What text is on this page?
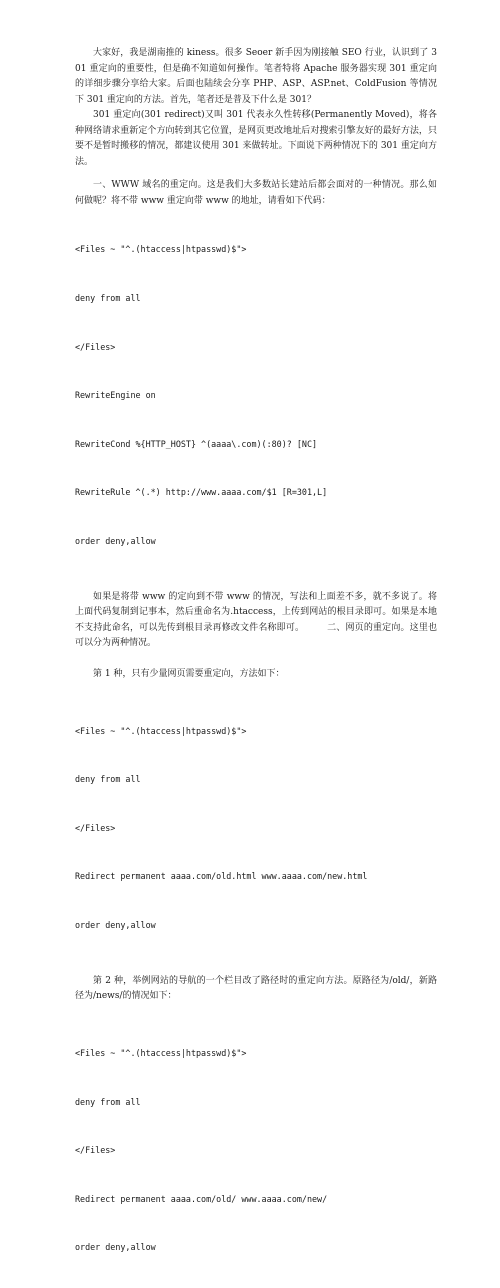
大家好，我是湖南推的 kiness。很多 Seoer 新手因为刚接触 SEO 行业，认识到了 301 重定向的重要性，但是确不知道如何操作。笔者特将 Apache 服务器实现 301 重定向的详细步骤分享给大家。后面也陆续会分享 PHP、ASP、ASP.net、ColdFusion 等情况下 301 重定向的方法。首先，笔者还是普及下什么是 301？

301 重定向(301 redirect)又叫 301 代表永久性转移(Permanently Moved)，将各种网络请求重新定个方向转到其它位置，是网页更改地址后对搜索引擎友好的最好方法，只要不是暂时搬移的情况，都建议使用 301 来做转址。下面说下两种情况下的 301 重定向方法。

一、WWW 域名的重定向。这是我们大多数站长建站后都会面对的一种情况。那么如何做呢？将不带 www 重定向带 www 的地址，请看如下代码：

<Files ~ "^.(htaccess|htpasswd)$">

deny from all

</Files>

RewriteEngine on

RewriteCond %{HTTP_HOST} ^(aaaa\.com)(:80)? [NC]

RewriteRule ^(.*) http://www.aaaa.com/$1 [R=301,L]

order deny,allow

如果是将带 www 的定向到不带 www 的情况，写法和上面差不多，就不多说了。将上面代码复制到记事本，然后重命名为.htaccess，上传到网站的根目录即可。如果是本地不支持此命名，可以先传到根目录再修改文件名称即可。　　　二、网页的重定向。这里也可以分为两种情况。

第 1 种，只有少量网页需要重定向，方法如下：

<Files ~ "^.(htaccess|htpasswd)$">

deny from all

</Files>

Redirect permanent aaaa.com/old.html www.aaaa.com/new.html

order deny,allow

第 2 种，举例网站的导航的一个栏目改了路径时的重定向方法。原路径为/old/，新路径为/news/的情况如下：

<Files ~ "^.(htaccess|htpasswd)$">

deny from all

</Files>

Redirect permanent aaaa.com/old/ www.aaaa.com/new/

order deny,allow
